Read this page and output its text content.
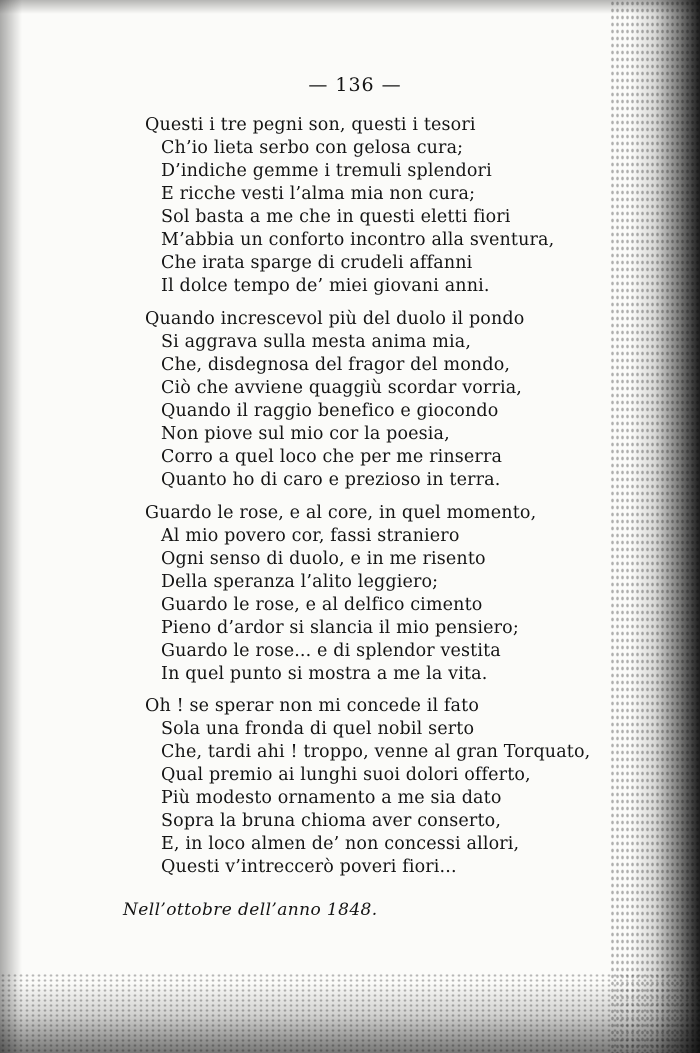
— 136 —
Questi i tre pegni son, questi i tesori
Ch’io lieta serbo con gelosa cura;
D’indiche gemme i tremuli splendori
E ricche vesti l’alma mia non cura;
Sol basta a me che in questi eletti fiori
M’abbia un conforto incontro alla sventura,
Che irata sparge di crudeli affanni
Il dolce tempo de’ miei giovani anni.
Quando increscevol più del duolo il pondo
Si aggrava sulla mesta anima mia,
Che, disdegnosa del fragor del mondo,
Ciò che avviene quaggiù scordar vorria,
Quando il raggio benefico e giocondo
Non piove sul mio cor la poesia,
Corro a quel loco che per me rinserra
Quanto ho di caro e prezioso in terra.
Guardo le rose, e al core, in quel momento,
Al mio povero cor, fassi straniero
Ogni senso di duolo, e in me risento
Della speranza l’alito leggiero;
Guardo le rose, e al delfico cimento
Pieno d’ardor si slancia il mio pensiero;
Guardo le rose... e di splendor vestita
In quel punto si mostra a me la vita.
Oh ! se sperar non mi concede il fato
Sola una fronda di quel nobil serto
Che, tardi ahi ! troppo, venne al gran Torquato,
Qual premio ai lunghi suoi dolori offerto,
Più modesto ornamento a me sia dato
Sopra la bruna chioma aver conserto,
E, in loco almen de’ non concessi allori,
Questi v’intreccerò poveri fiori...
Nell’ottobre dell’anno 1848.
